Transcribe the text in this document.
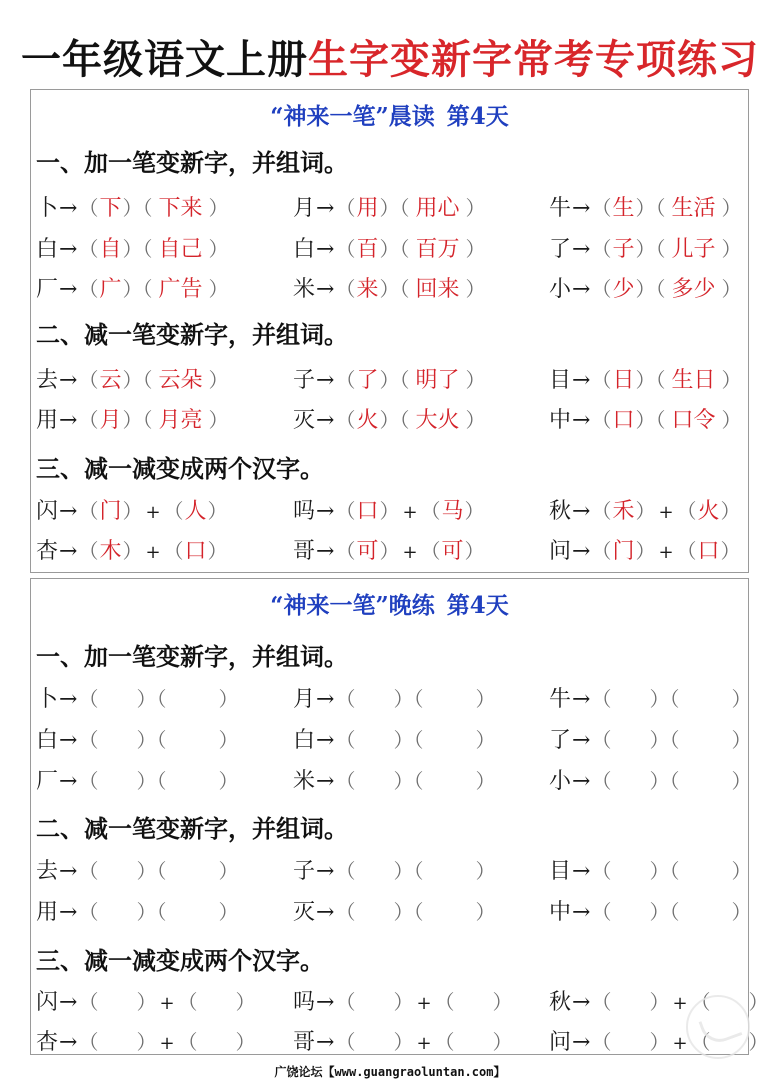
一年级语文上册生字变新字常考专项练习
“神来一笔”晨读 第4天
一、加一笔变新字，并组词。
卜→（下）（ 下来 ）	月→（用）（ 用心 ）	牛→（生）（ 生活 ）
白→（自）（ 自己 ）	白→（百）（ 百万 ）	了→（子）（ 儿子 ）
厂→（广）（ 广告 ）	米→（来）（ 回来 ）	小→（少）（ 多少 ）
二、减一笔变新字，并组词。
去→（云）（ 云朵 ）	子→（了）（ 明了 ）	目→（日）（ 生日 ）
用→（月）（ 月亮 ）	灭→（火）（ 大火 ）	中→（口）（ 口令 ）
三、减一减变成两个汉字。
闪→（门） + （人）	吗→（口） + （马）	秋→（禾） + （火）
杏→（木） + （口）	哥→（可） + （可）	问→（门） + （口）
“神来一笔”晚练 第4天
一、加一笔变新字，并组词。
卜→（ ）（	） 月→（ ）（	） 牛→（ ）（	）
白→（ ）（	） 白→（ ）（	） 了→（ ）（	）
厂→（ ）（	） 米→（ ）（	） 小→（ ）（	）
二、减一笔变新字，并组词。
去→（ ）（	） 子→（ ）（	） 目→（ ）（	）
用→（ ）（	） 灭→（ ）（	） 中→（ ）（	）
三、减一减变成两个汉字。
闪→（ ） + （ ） 吗→（ ） + （ ） 秋→（ ） + （ ）
杏→（ ） + （ ） 哥→（ ） + （ ） 问→（ ） + （ ）
广饶论坛【www.guangraoluntan.com】
